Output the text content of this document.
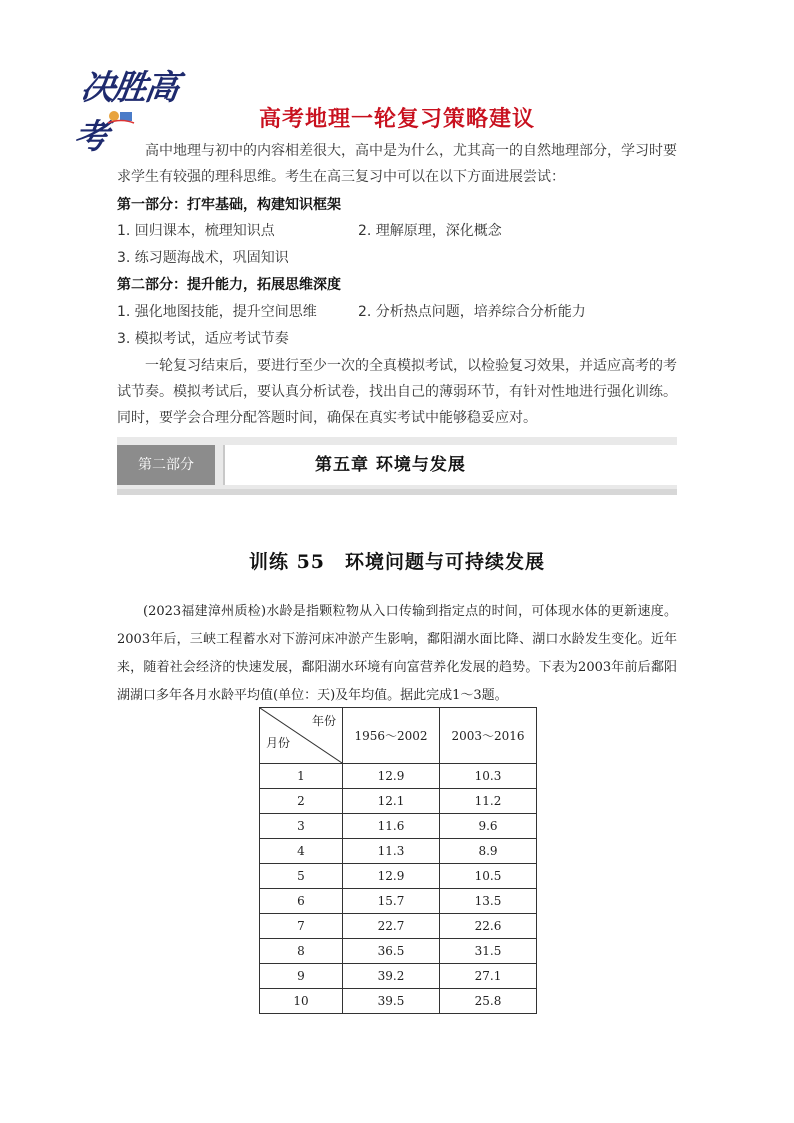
决胜高考	高考地理一轮复习策略建议
高中地理与初中的内容相差很大，高中是为什么，尤其高一的自然地理部分，学习时要求学生有较强的理科思维。考生在高三复习中可以在以下方面进展尝试：
第一部分：打牢基础，构建知识框架
1. 回归课本，梳理知识点	2. 理解原理，深化概念
3. 练习题海战术，巩固知识
第二部分：提升能力，拓展思维深度
1. 强化地图技能，提升空间思维	2. 分析热点问题，培养综合分析能力
3. 模拟考试，适应考试节奏
一轮复习结束后，要进行至少一次的全真模拟考试，以检验复习效果，并适应高考的考试节奏。模拟考试后，要认真分析试卷，找出自己的薄弱环节，有针对性地进行强化训练。同时，要学会合理分配答题时间，确保在真实考试中能够稳妥应对。
第二部分	第五章 环境与发展
训练 55　环境问题与可持续发展
(2023福建漳州质检)水龄是指颗粒物从入口传输到指定点的时间，可体现水体的更新速度。2003年后，三峡工程蓄水对下游河床冲淤产生影响，鄱阳湖水面比降、湖口水龄发生变化。近年来，随着社会经济的快速发展，鄱阳湖水环境有向富营养化发展的趋势。下表为2003年前后鄱阳湖湖口多年各月水龄平均值(单位：天)及年均值。据此完成1～3题。
年份
月份	1956～2002	2003～2016
1	12.9	10.3
2	12.1	11.2
3	11.6	9.6
4	11.3	8.9
5	12.9	10.5
6	15.7	13.5
7	22.7	22.6
8	36.5	31.5
9	39.2	27.1
10	39.5	25.8
